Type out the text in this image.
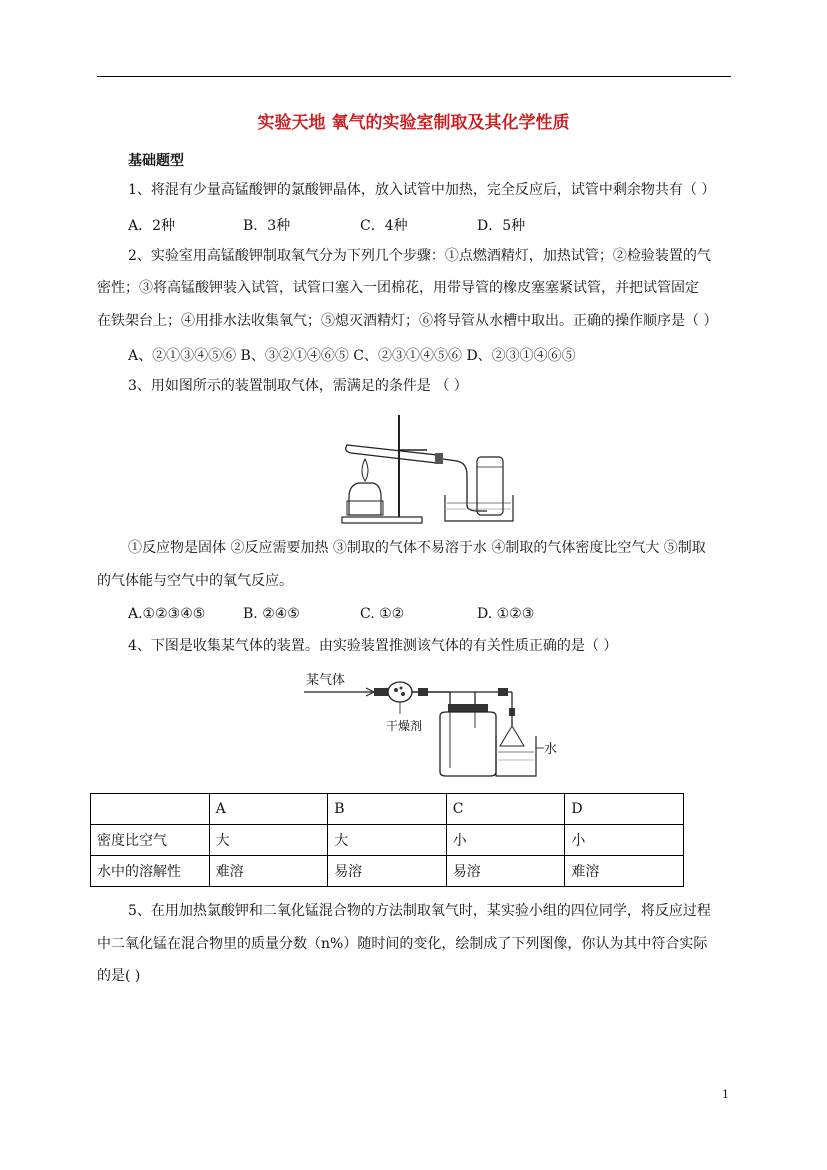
实验天地 氧气的实验室制取及其化学性质
基础题型
1、将混有少量高锰酸钾的氯酸钾晶体，放入试管中加热，完全反应后，试管中剩余物共有（ ）
A．2种	B．3种	C．4种	D．5种
2、实验室用高锰酸钾制取氧气分为下列几个步骤：①点燃酒精灯，加热试管；②检验装置的气
密性；③将高锰酸钾装入试管，试管口塞入一团棉花，用带导管的橡皮塞塞紧试管，并把试管固定
在铁架台上；④用排水法收集氧气；⑤熄灭酒精灯；⑥将导管从水槽中取出。正确的操作顺序是（ ）
A、②①③④⑤⑥ B、③②①④⑥⑤ C、②③①④⑤⑥ D、②③①④⑥⑤
3、用如图所示的装置制取气体，需满足的条件是 （ ）
①反应物是固体 ②反应需要加热 ③制取的气体不易溶于水 ④制取的气体密度比空气大 ⑤制取
的气体能与空气中的氧气反应。
A.①②③④⑤	B. ②④⑤	C. ①②	D. ①②③
4、下图是收集某气体的装置。由实验装置推测该气体的有关性质正确的是（ ）
某气体
干燥剂
水
	A	B	C	D
密度比空气	大	大	小	小
水中的溶解性	难溶	易溶	易溶	难溶
5、在用加热氯酸钾和二氧化锰混合物的方法制取氧气时，某实验小组的四位同学，将反应过程
中二氧化锰在混合物里的质量分数（n%）随时间的变化，绘制成了下列图像，你认为其中符合实际
的是( )
1
